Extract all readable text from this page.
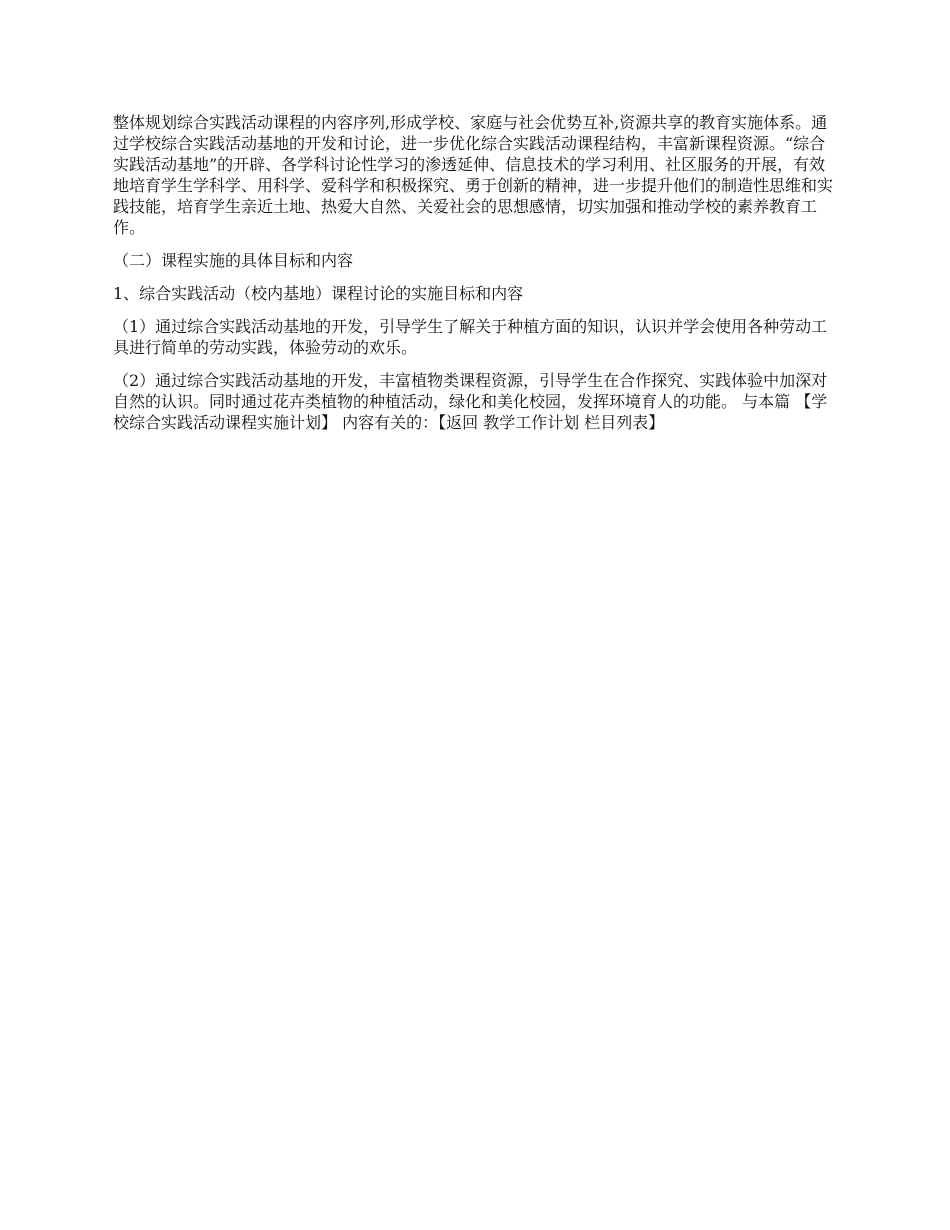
整体规划综合实践活动课程的内容序列,形成学校、家庭与社会优势互补,资源共享的教育实施体系。通过学校综合实践活动基地的开发和讨论，进一步优化综合实践活动课程结构，丰富新课程资源。“综合实践活动基地”的开辟、各学科讨论性学习的渗透延伸、信息技术的学习利用、社区服务的开展，有效地培育学生学科学、用科学、爱科学和积极探究、勇于创新的精神，进一步提升他们的制造性思维和实践技能，培育学生亲近土地、热爱大自然、关爱社会的思想感情，切实加强和推动学校的素养教育工作。

（二）课程实施的具体目标和内容

1、综合实践活动（校内基地）课程讨论的实施目标和内容

（1）通过综合实践活动基地的开发，引导学生了解关于种植方面的知识，认识并学会使用各种劳动工具进行简单的劳动实践，体验劳动的欢乐。

（2）通过综合实践活动基地的开发，丰富植物类课程资源，引导学生在合作探究、实践体验中加深对自然的认识。同时通过花卉类植物的种植活动，绿化和美化校园，发挥环境育人的功能。 与本篇 【学校综合实践活动课程实施计划】 内容有关的：【返回 教学工作计划 栏目列表】
